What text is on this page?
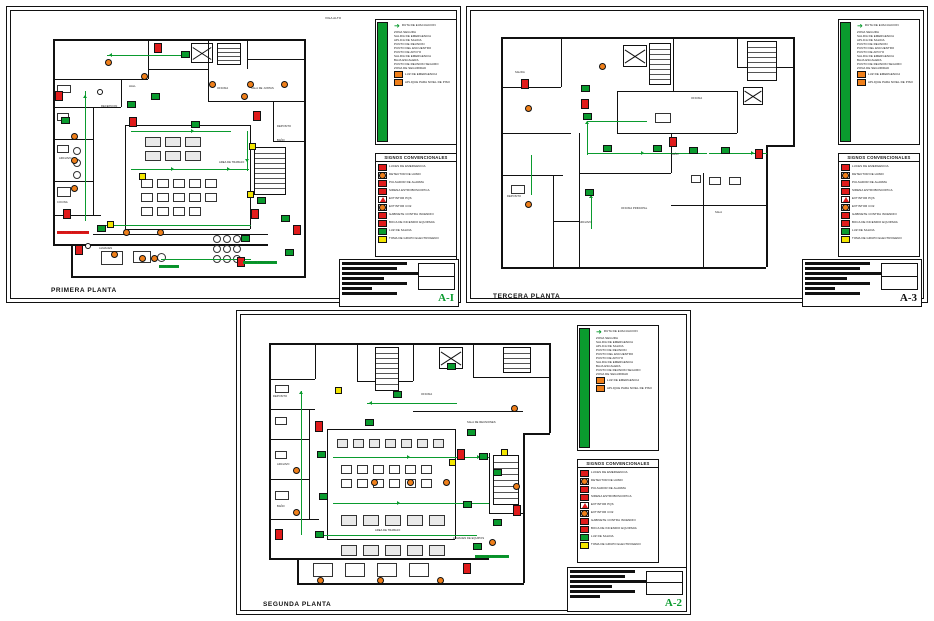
VIGA ALTO
HALL
OFICINA	SALA DE JUNTAS
RECEPCION
DEPOSITO
BAÑO
AREA DE TRABAJO
ARCHIVO
COCINA
ALMACEN
PUNTO DE ENCUENTRO
SALIDA DE EMERGENCIA
ZONA SEGURA
PRIMERA PLANTA
➜ RUTA DE EVACUACION
ZONA SEGURA
SALIDA DE EMERGENCIA
APLICA DE SALIDA
PUNTO DE REUNION
PUNTO DEL ENCUENTRO
PUNTO DE APOYO
SALIDA DE EMERGENCIA
BAJA ESCALERA
PUNTO DE REUNION SEGURO
ZONA DE SEGURIDAD
LUZ DE EMERGENCIA
APLIQUE PARA NIVEL DE PISO
SIGNOS CONVENCIONALES
LUCES DE EMERGENCIA
DETECTOR DE HUMO
PULSADOR DE ALARMA
SIRENA ESTROBOSCOPICA
EXTINTOR PQS
EXTINTOR CO2
GABINETE CONTRA INCENDIO
BOCA DE INCENDIO EQUIPADA
LUZ DE SALIDA
TOMA DE GRUPO ELECTROGENO
A-I
OFICINA
OFICINA PRINCIPAL
SALA
BAÑO
DEPOSITO
SALIDA
ARCHIVO
TERCERA PLANTA
➜ RUTA DE EVACUACION
ZONA SEGURA
SALIDA DE EMERGENCIA
APLICA DE SALIDA
PUNTO DE REUNION
PUNTO DEL ENCUENTRO
PUNTO DE APOYO
SALIDA DE EMERGENCIA
BAJA ESCALERA
PUNTO DE REUNION SEGURO
ZONA DE SEGURIDAD
LUZ DE EMERGENCIA
APLIQUE PARA NIVEL DE PISO
SIGNOS CONVENCIONALES
LUCES DE EMERGENCIA
DETECTOR DE HUMO
PULSADOR DE ALARMA
SIRENA ESTROBOSCOPICA
EXTINTOR PQS
EXTINTOR CO2
GABINETE CONTRA INCENDIO
BOCA DE INCENDIO EQUIPADA
LUZ DE SALIDA
TOMA DE GRUPO ELECTROGENO
A-3
OFICINA
ARCHIVO
BAÑO
AREA DE TRABAJO
ALMACEN DE EQUIPOS
SALA DE REUNIONES
SALIDA DE EMERGENCIA
DEPOSITO
SEGUNDA PLANTA
➜ RUTA DE EVACUACION
ZONA SEGURA
SALIDA DE EMERGENCIA
APLICA DE SALIDA
PUNTO DE REUNION
PUNTO DEL ENCUENTRO
PUNTO DE APOYO
SALIDA DE EMERGENCIA
BAJA ESCALERA
PUNTO DE REUNION SEGURO
ZONA DE SEGURIDAD
LUZ DE EMERGENCIA
APLIQUE PARA NIVEL DE PISO
SIGNOS CONVENCIONALES
LUCES DE EMERGENCIA
DETECTOR DE HUMO
PULSADOR DE ALARMA
SIRENA ESTROBOSCOPICA
EXTINTOR PQS
EXTINTOR CO2
GABINETE CONTRA INCENDIO
BOCA DE INCENDIO EQUIPADA
LUZ DE SALIDA
TOMA DE GRUPO ELECTROGENO
A-2
